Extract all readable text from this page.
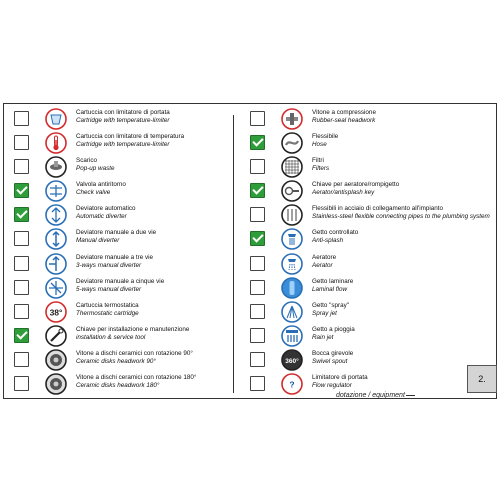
Cartuccia con limitatore di portata
Cartridge with temperature-limiter
Cartuccia con limitatore di temperatura
Cartridge with temperature-limiter
Scarico
Pop-up waste
Valvola antiritorno
Check valve
Deviatore automatico
Automatic diverter
Deviatore manuale a due vie
Manual diverter
Deviatore manuale a tre vie
3-ways manual diverter
Deviatore manuale a cinque vie
5-ways manual diverter
38°
Cartuccia termostatica
Thermostatic cartridge
Chiave per installazione e manutenzione
installation & service tool
Vitone a dischi ceramici con rotazione 90°
Ceramic disks headwork 90°
Vitone a dischi ceramici con rotazione 180°
Ceramic disks headwork 180°
Vitone a compressione
Rubber-seal headwork
Flessibile
Hose
Filtri
Filters
Chiave per aeratore/rompigetto
Aerator/antisplash key
Flessibili in acciaio di collegamento all'impianto
Stainless-steel flexible connecting pipes to the plumbing system
Getto controllato
Anti-splash
Aeratore
Aerator
Getto laminare
Laminal flow
Getto "spray"
Spray jet
Getto a pioggia
Rain jet
360°
Bocca girevole
Swivel spout
?
Limitatore di portata
Flow regulator
2.
dotazione / equipment
